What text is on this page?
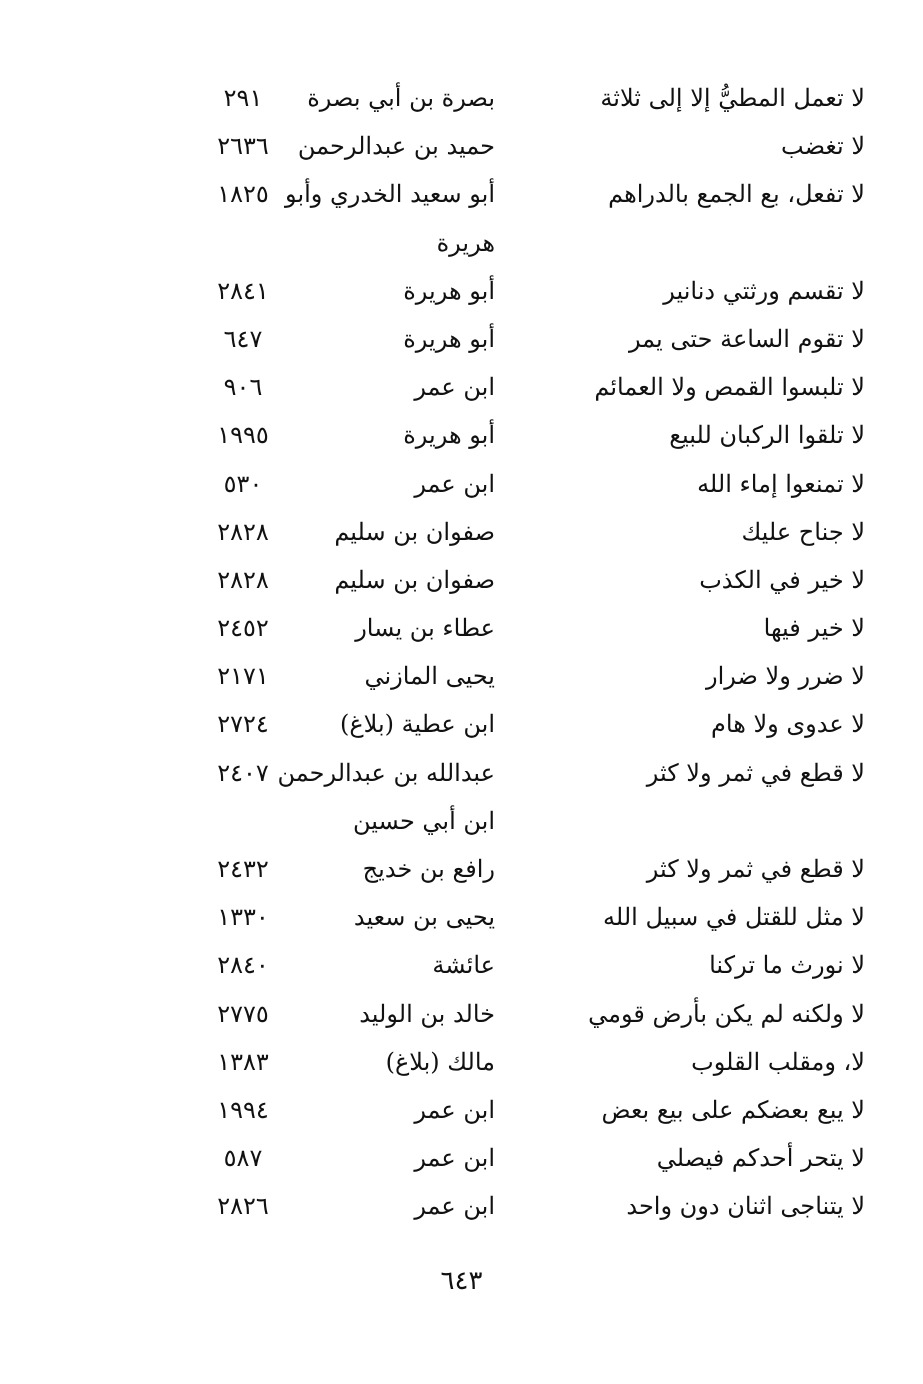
لا تعمل المطيُّ إلا إلى ثلاثة
بصرة بن أبي بصرة
٢٩١
لا تغضب
حميد بن عبدالرحمن
٢٦٣٦
لا تفعل، بع الجمع بالدراهم
أبو سعيد الخدري وأبو
١٨٢٥
هريرة
لا تقسم ورثتي دنانير
أبو هريرة
٢٨٤١
لا تقوم الساعة حتى يمر
أبو هريرة
٦٤٧
لا تلبسوا القمص ولا العمائم
ابن عمر
٩٠٦
لا تلقوا الركبان للبيع
أبو هريرة
١٩٩٥
لا تمنعوا إماء الله
ابن عمر
٥٣٠
لا جناح عليك
صفوان بن سليم
٢٨٢٨
لا خير في الكذب
صفوان بن سليم
٢٨٢٨
لا خير فيها
عطاء بن يسار
٢٤٥٢
لا ضرر ولا ضرار
يحيى المازني
٢١٧١
لا عدوى ولا هام
ابن عطية (بلاغ)
٢٧٢٤
لا قطع في ثمر ولا كثر
عبدالله بن عبدالرحمن
٢٤٠٧
ابن أبي حسين
لا قطع في ثمر ولا كثر
رافع بن خديج
٢٤٣٢
لا مثل للقتل في سبيل الله
يحيى بن سعيد
١٣٣٠
لا نورث ما تركنا
عائشة
٢٨٤٠
لا ولكنه لم يكن بأرض قومي
خالد بن الوليد
٢٧٧٥
لا، ومقلب القلوب
مالك (بلاغ)
١٣٨٣
لا يبع بعضكم على بيع بعض
ابن عمر
١٩٩٤
لا يتحر أحدكم فيصلي
ابن عمر
٥٨٧
لا يتناجى اثنان دون واحد
ابن عمر
٢٨٢٦
٦٤٣
